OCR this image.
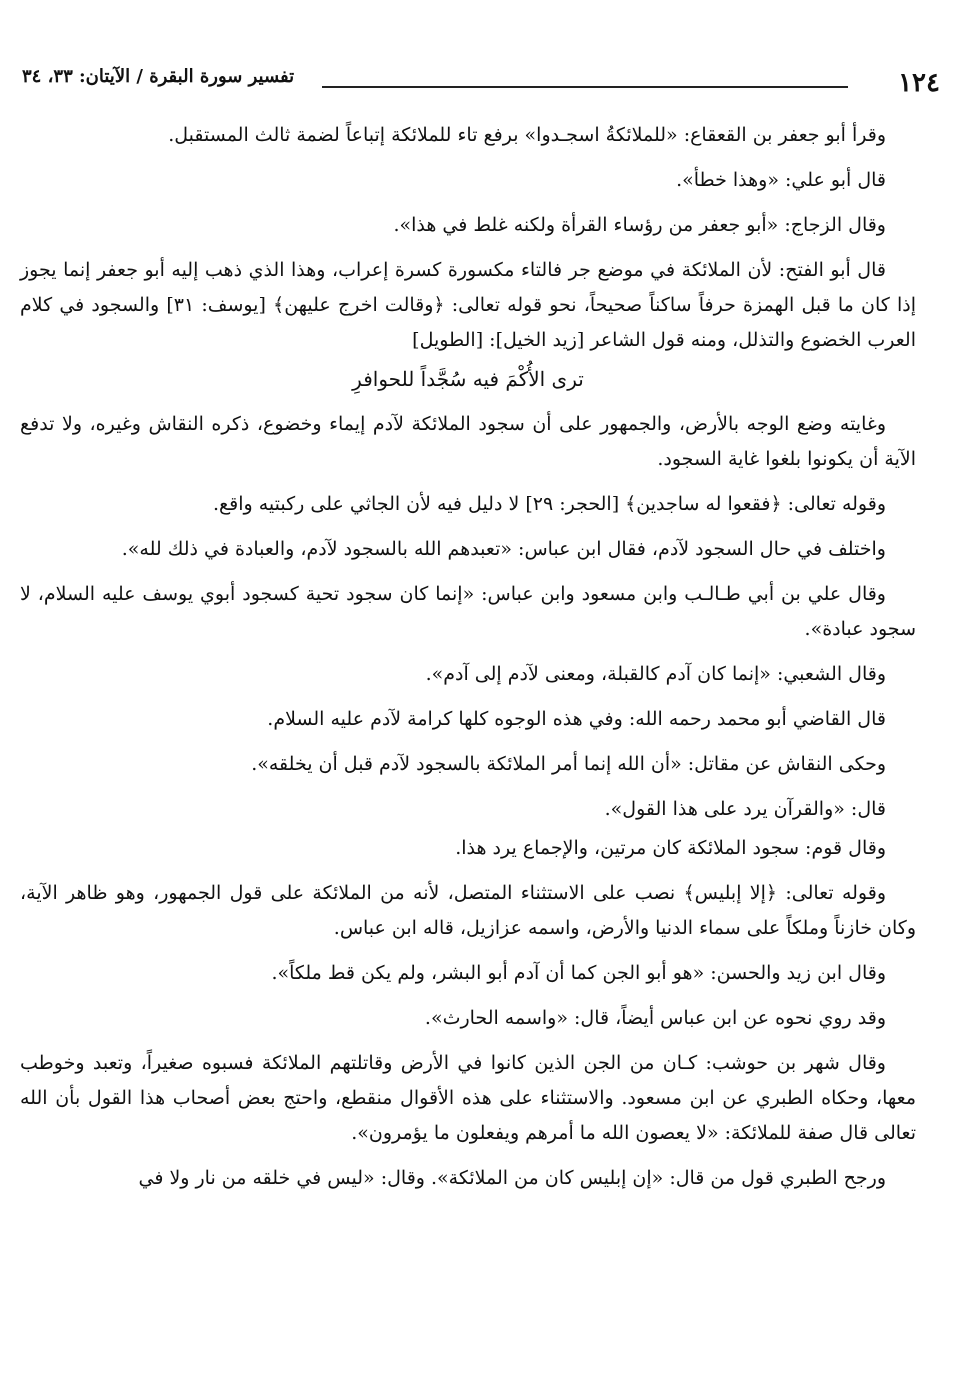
١٢٤
تفسير سورة البقرة / الآيتان: ٣٣، ٣٤

وقرأ أبو جعفر بن القعقاع: «للملائكةُ اسجـدوا» برفع تاء للملائكة إتباعاً لضمة ثالث المستقبل.

قال أبو علي: «وهذا خطأ».

وقال الزجاج: «أبو جعفر من رؤساء القرأة ولكنه غلط في هذا».

قال أبو الفتح: لأن الملائكة في موضع جر فالتاء مكسورة كسرة إعراب، وهذا الذي ذهب إليه أبو جعفر إنما يجوز إذا كان ما قبل الهمزة حرفاً ساكناً صحيحاً، نحو قوله تعالى: ﴿وقالت اخرج عليهن﴾ [يوسف: ٣١] والسجود في كلام العرب الخضوع والتذلل، ومنه قول الشاعر [زيد الخيل]: [الطويل]

ترى الأُكْمَ فيه سُجَّداً للحوافرِ

وغايته وضع الوجه بالأرض، والجمهور على أن سجود الملائكة لآدم إيماء وخضوع، ذكره النقاش وغيره، ولا تدفع الآية أن يكونوا بلغوا غاية السجود.

وقوله تعالى: ﴿فقعوا له ساجدين﴾ [الحجر: ٢٩] لا دليل فيه لأن الجاثي على ركبتيه واقع.

واختلف في حال السجود لآدم، فقال ابن عباس: «تعبدهم الله بالسجود لآدم، والعبادة في ذلك لله».

وقال علي بن أبي طـالـب وابن مسعود وابن عباس: «إنما كان سجود تحية كسجود أبوي يوسف عليه السلام، لا سجود عبادة».

وقال الشعبي: «إنما كان آدم كالقبلة، ومعنى لآدم إلى آدم».

قال القاضي أبو محمد رحمه الله: وفي هذه الوجوه كلها كرامة لآدم عليه السلام.

وحكى النقاش عن مقاتل: «أن الله إنما أمر الملائكة بالسجود لآدم قبل أن يخلقه».

قال: «والقرآن يرد على هذا القول».

وقال قوم: سجود الملائكة كان مرتين، والإجماع يرد هذا.

وقوله تعالى: ﴿إلا إبليس﴾ نصب على الاستثناء المتصل، لأنه من الملائكة على قول الجمهور، وهو ظاهر الآية، وكان خازناً وملكاً على سماء الدنيا والأرض، واسمه عزازيل، قاله ابن عباس.

وقال ابن زيد والحسن: «هو أبو الجن كما أن آدم أبو البشر، ولم يكن قط ملكاً».

وقد روي نحوه عن ابن عباس أيضاً، قال: «واسمه الحارث».

وقال شهر بن حوشب: كـان من الجن الذين كانوا في الأرض وقاتلتهم الملائكة فسبوه صغيراً، وتعبد وخوطب معها، وحكاه الطبري عن ابن مسعود. والاستثناء على هذه الأقوال منقطع، واحتج بعض أصحاب هذا القول بأن الله تعالى قال صفة للملائكة: «لا يعصون الله ما أمرهم ويفعلون ما يؤمرون».

ورجح الطبري قول من قال: «إن إبليس كان من الملائكة». وقال: «ليس في خلقه من نار ولا في
